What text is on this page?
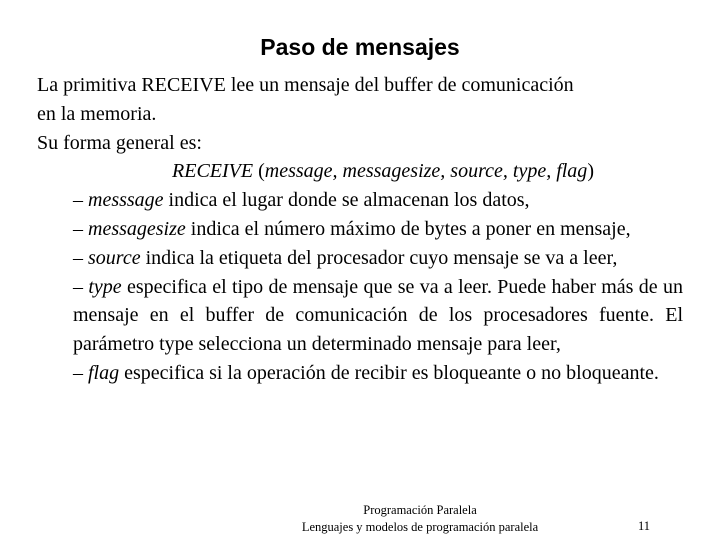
Paso de mensajes
La primitiva RECEIVE lee un mensaje del buffer de comunicación
en la memoria.
Su forma general es:
RECEIVE (message, messagesize, source, type, flag)
– messsage indica el lugar donde se almacenan los datos,
– messagesize indica el número máximo de bytes a poner en mensaje,
– source indica la etiqueta del procesador cuyo mensaje se va a leer,
– type especifica el tipo de mensaje que se va a leer. Puede haber más de un mensaje en el buffer de comunicación de los procesadores fuente. El parámetro type selecciona un determinado mensaje para leer,
– flag especifica si la operación de recibir es bloqueante o no bloqueante.
Programación Paralela
Lenguajes y modelos de programación paralela	11
